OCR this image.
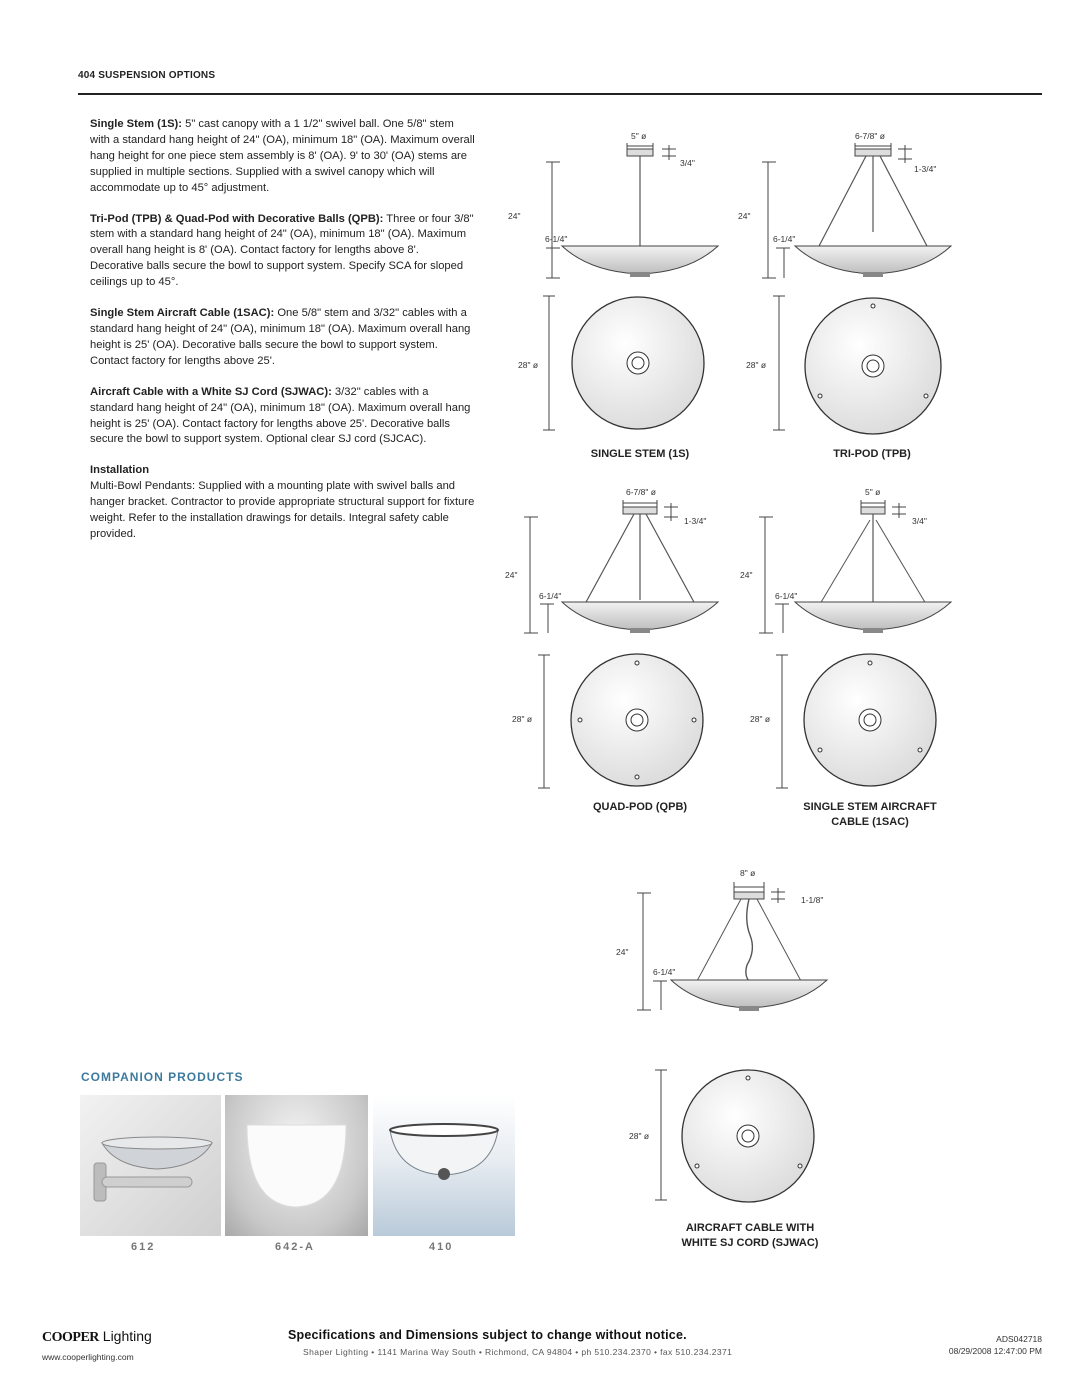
404 SUSPENSION OPTIONS

Single Stem (1S): 5" cast canopy with a 1 1/2" swivel ball. One 5/8" stem with a standard hang height of 24" (OA), minimum 18" (OA). Maximum overall hang height for one piece stem assembly is 8' (OA). 9' to 30' (OA) stems are supplied in multiple sections. Supplied with a swivel canopy which will accommodate up to 45° adjustment.

Tri-Pod (TPB) & Quad-Pod with Decorative Balls (QPB): Three or four 3/8" stem with a standard hang height of 24" (OA), minimum 18" (OA). Maximum overall hang height is 8' (OA). Contact factory for lengths above 8'. Decorative balls secure the bowl to support system. Specify SCA for sloped ceilings up to 45°.

Single Stem Aircraft Cable (1SAC): One 5/8" stem and 3/32" cables with a standard hang height of 24" (OA), minimum 18" (OA). Maximum overall hang height is 25' (OA). Decorative balls secure the bowl to support system. Contact factory for lengths above 25'.

Aircraft Cable with a White SJ Cord (SJWAC): 3/32" cables with a standard hang height of 24" (OA), minimum 18" (OA). Maximum overall hang height is 25' (OA). Contact factory for lengths above 25'. Decorative balls secure the bowl to support system. Optional clear SJ cord (SJCAC).

Installation
Multi-Bowl Pendants: Supplied with a mounting plate with swivel balls and hanger bracket. Contractor to provide appropriate structural support for fixture weight. Refer to the installation drawings for details. Integral safety cable provided.
5" ø
3/4"
24"
6-1/4"
28" ø
6-7/8" ø
1-3/4"
24"
6-1/4"
28" ø
6-7/8" ø
1-3/4"
24"
6-1/4"
28" ø
5" ø
3/4"
24"
6-1/4"
28" ø
8" ø
1-1/8"
24"
6-1/4"
28" ø
SINGLE STEM (1S)	TRI-POD (TPB)
QUAD-POD (QPB)	SINGLE STEM AIRCRAFT
CABLE (1SAC)
AIRCRAFT CABLE WITH
WHITE SJ CORD (SJWAC)
COMPANION PRODUCTS
612	642-A	410
COOPER Lighting
www.cooperlighting.com
Specifications and Dimensions subject to change without notice.
Shaper Lighting • 1141 Marina Way South • Richmond, CA 94804 • ph 510.234.2370 • fax 510.234.2371
ADS042718
08/29/2008 12:47:00 PM
